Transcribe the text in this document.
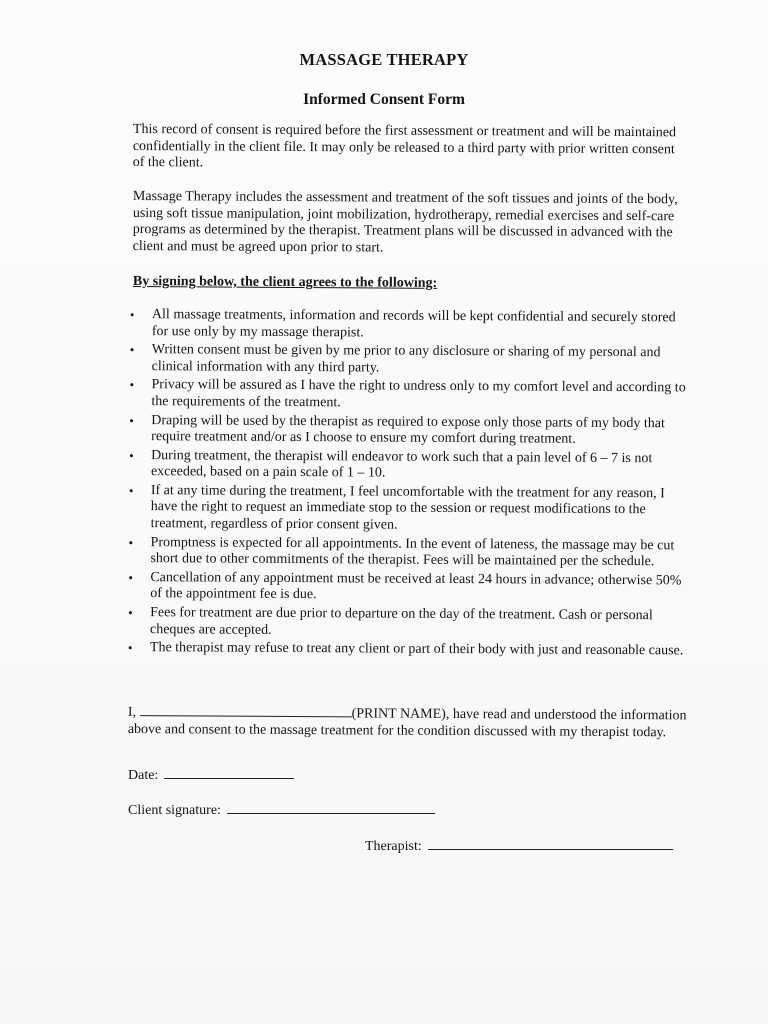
MASSAGE THERAPY
Informed Consent Form

This record of consent is required before the first assessment or treatment and will be maintained confidentially in the client file. It may only be released to a third party with prior written consent of the client.

Massage Therapy includes the assessment and treatment of the soft tissues and joints of the body, using soft tissue manipulation, joint mobilization, hydrotherapy, remedial exercises and self-care programs as determined by the therapist. Treatment plans will be discussed in advanced with the client and must be agreed upon prior to start.

By signing below, the client agrees to the following:
• All massage treatments, information and records will be kept confidential and securely stored for use only by my massage therapist.
• Written consent must be given by me prior to any disclosure or sharing of my personal and clinical information with any third party.
• Privacy will be assured as I have the right to undress only to my comfort level and according to the requirements of the treatment.
• Draping will be used by the therapist as required to expose only those parts of my body that require treatment and/or as I choose to ensure my comfort during treatment.
• During treatment, the therapist will endeavor to work such that a pain level of 6 – 7 is not exceeded, based on a pain scale of 1 – 10.
• If at any time during the treatment, I feel uncomfortable with the treatment for any reason, I have the right to request an immediate stop to the session or request modifications to the treatment, regardless of prior consent given.
• Promptness is expected for all appointments. In the event of lateness, the massage may be cut short due to other commitments of the therapist. Fees will be maintained per the schedule.
• Cancellation of any appointment must be received at least 24 hours in advance; otherwise 50% of the appointment fee is due.
• Fees for treatment are due prior to departure on the day of the treatment. Cash or personal cheques are accepted.
• The therapist may refuse to treat any client or part of their body with just and reasonable cause.

I,	(PRINT NAME), have read and understood the information above and consent to the massage treatment for the condition discussed with my therapist today.

Date:
Client signature:
Therapist:
